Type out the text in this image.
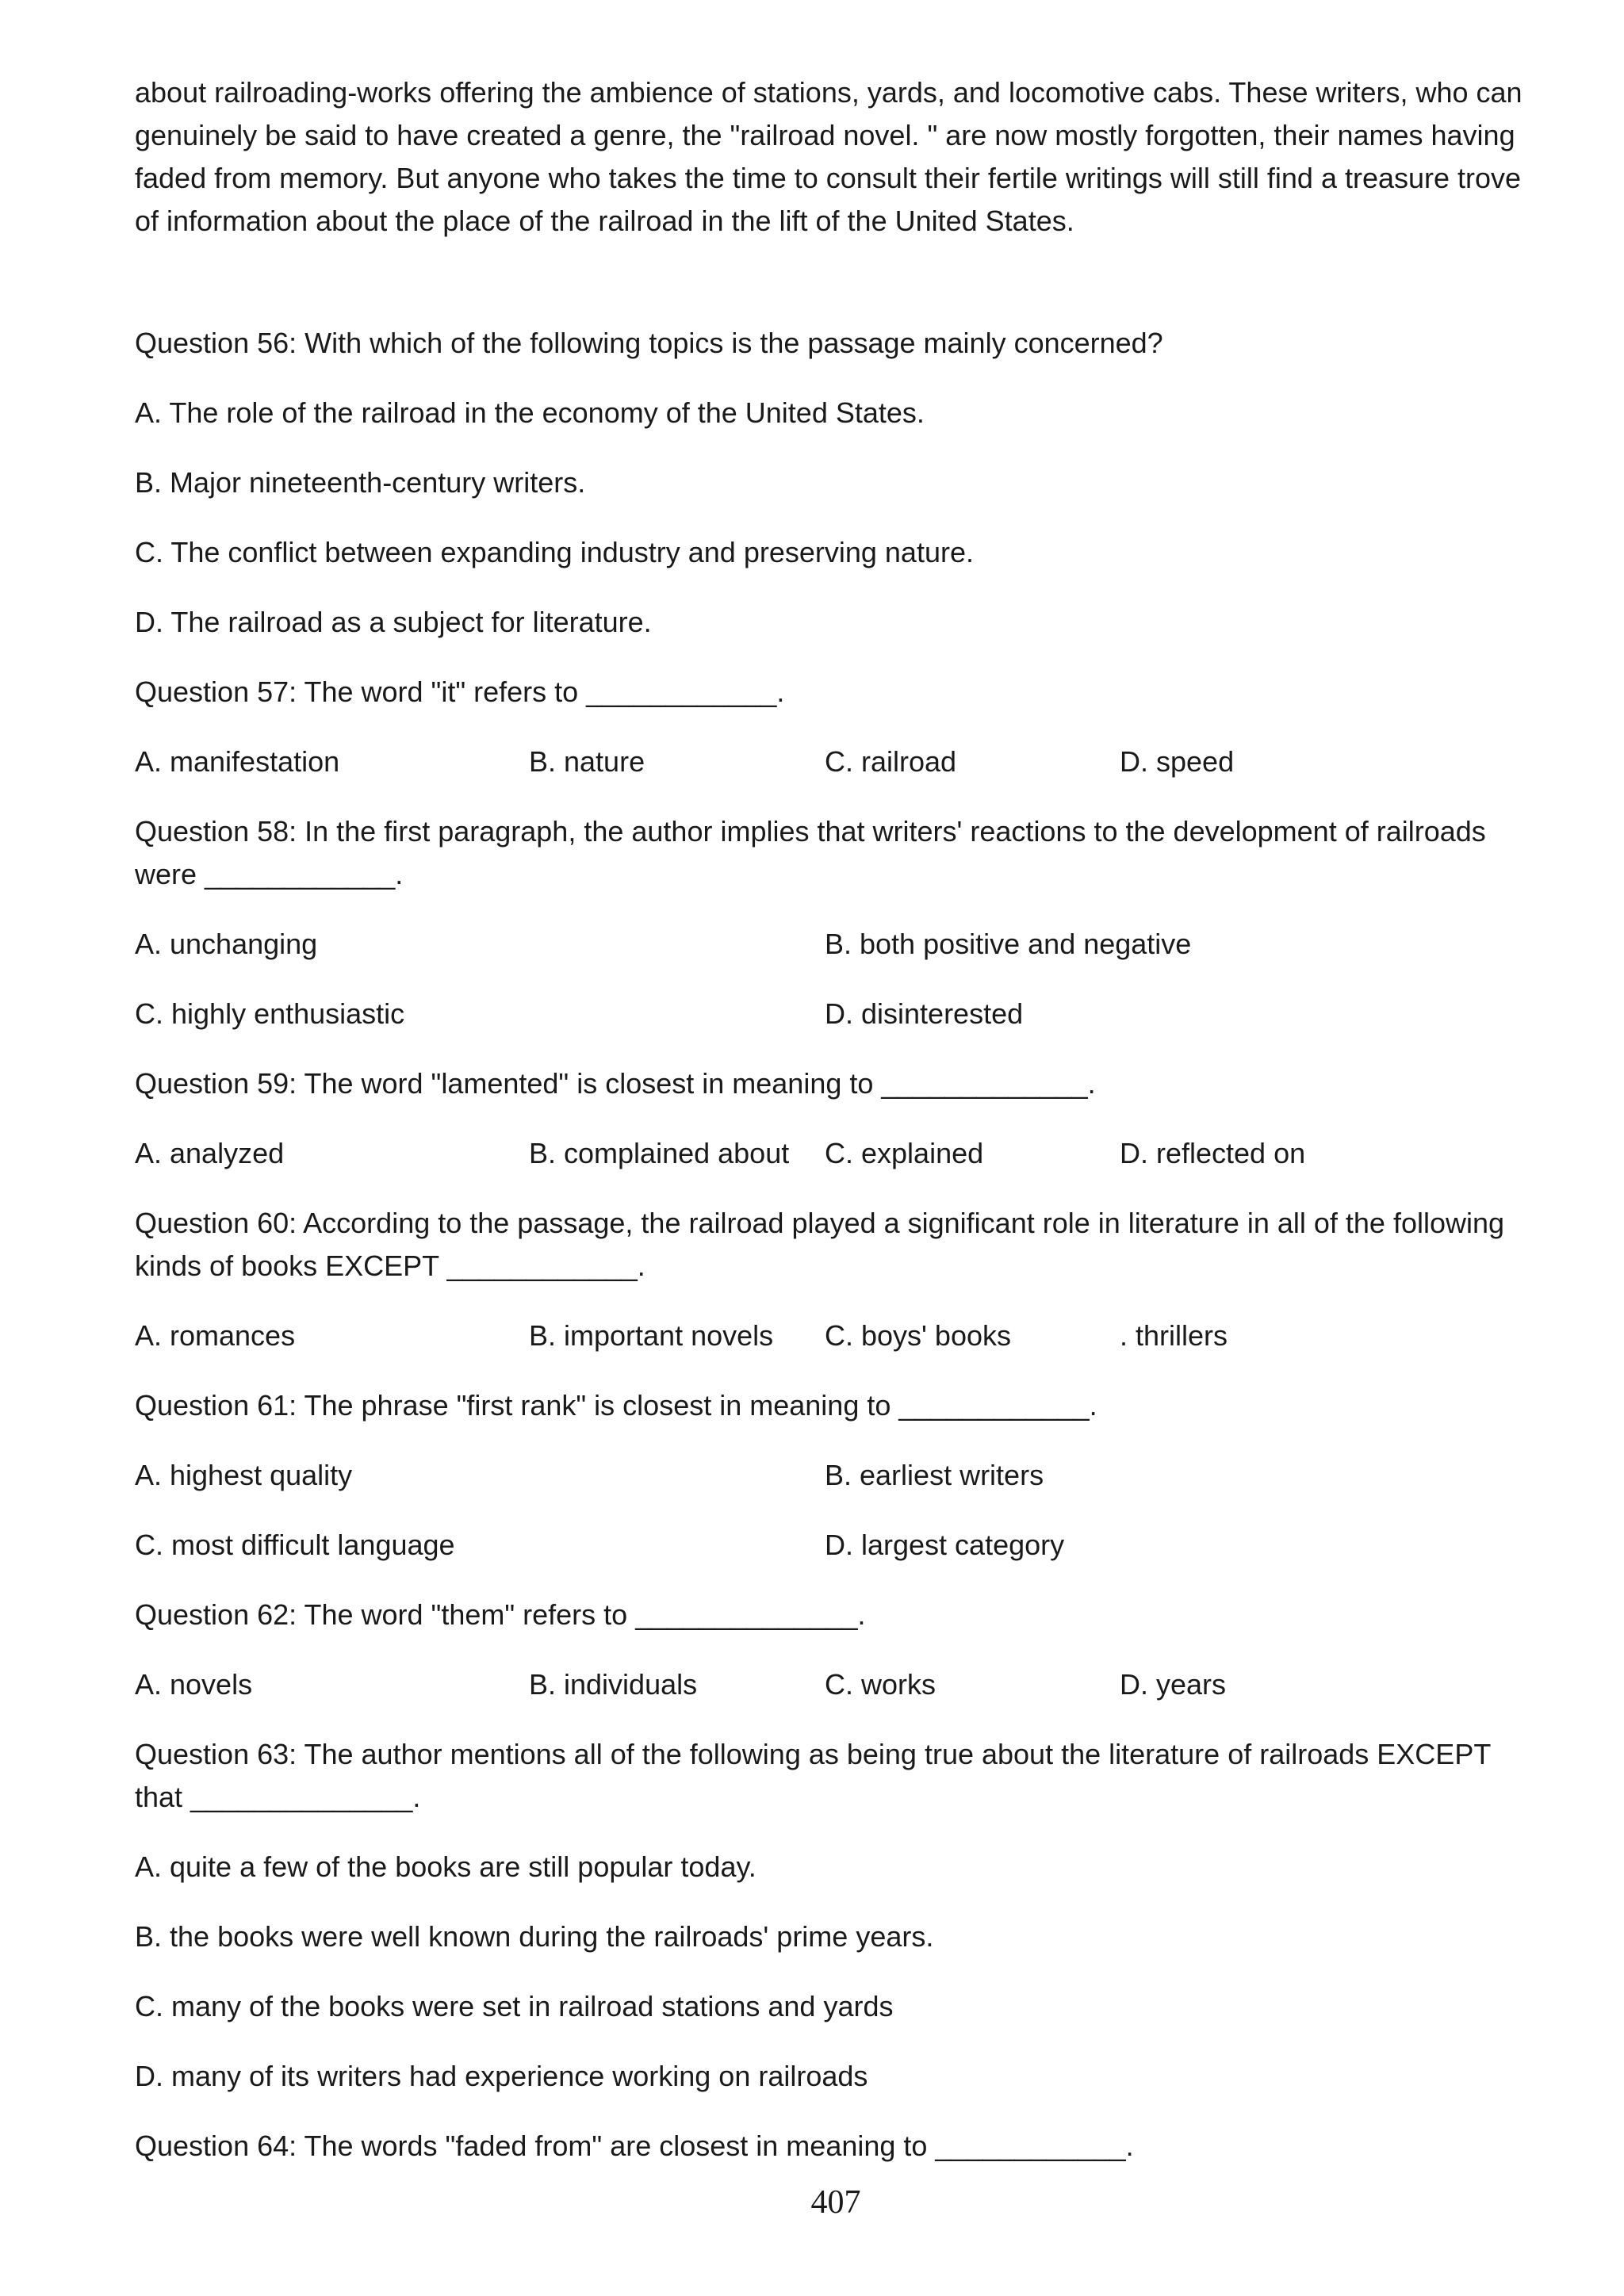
about railroading-works offering the ambience of stations, yards, and locomotive cabs. These writers, who can genuinely be said to have created a genre, the "railroad novel. " are now mostly forgotten, their names having faded from memory. But anyone who takes the time to consult their fertile writings will still find a treasure trove of information about the place of the railroad in the lift of the United States.

Question 56: With which of the following topics is the passage mainly concerned?

A. The role of the railroad in the economy of the United States.

B. Major nineteenth-century writers.

C. The conflict between expanding industry and preserving nature.

D. The railroad as a subject for literature.

Question 57: The word "it" refers to ____________.

A. manifestation	B. nature	C. railroad	D. speed

Question 58: In the first paragraph, the author implies that writers' reactions to the development of railroads were ____________.

A. unchanging	B. both positive and negative
C. highly enthusiastic	D. disinterested

Question 59: The word "lamented" is closest in meaning to _____________.

A. analyzed	B. complained about C. explained	D. reflected on

Question 60: According to the passage, the railroad played a significant role in literature in all of the following kinds of books EXCEPT ____________.

A. romances	B. important novels C. boys' books	. thrillers

Question 61: The phrase "first rank" is closest in meaning to ____________.

A. highest quality	B. earliest writers
C. most difficult language	D. largest category

Question 62: The word "them" refers to ______________.

A. novels	B. individuals	C. works	D. years

Question 63: The author mentions all of the following as being true about the literature of railroads EXCEPT that ______________.

A. quite a few of the books are still popular today.

B. the books were well known during the railroads' prime years.

C. many of the books were set in railroad stations and yards

D. many of its writers had experience working on railroads

Question 64: The words "faded from" are closest in meaning to ____________.

407
